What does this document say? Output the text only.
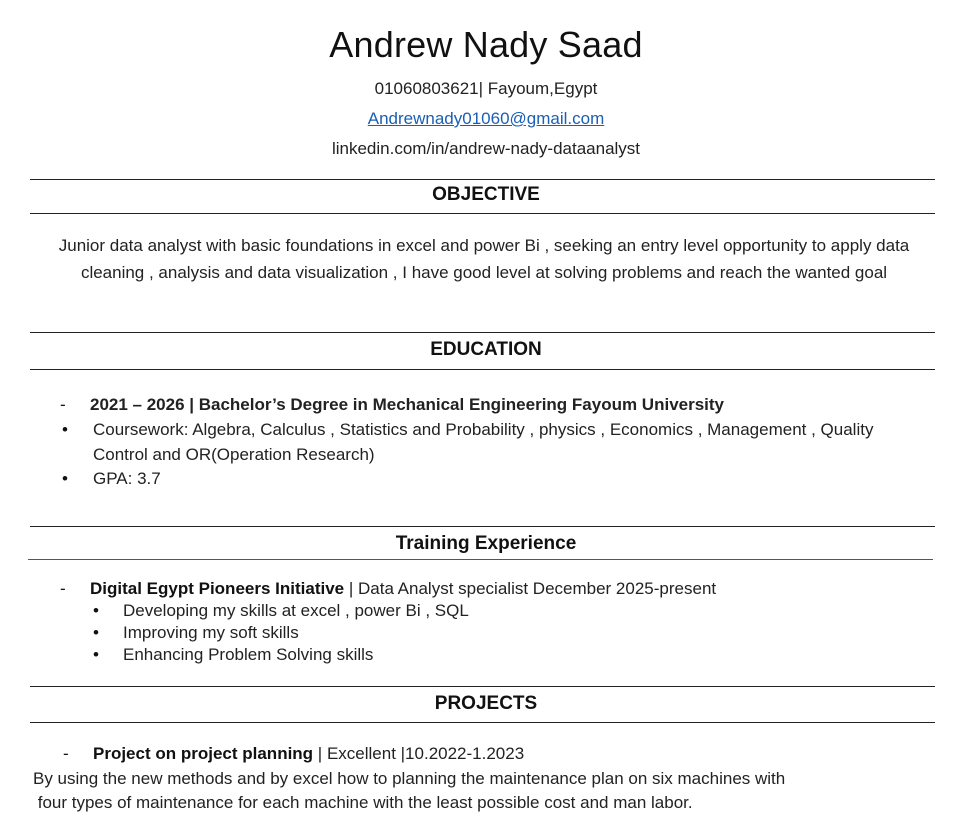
Andrew Nady Saad
01060803621| Fayoum,Egypt
Andrewnady01060@gmail.com
linkedin.com/in/andrew-nady-dataanalyst
OBJECTIVE
Junior data analyst with basic foundations in excel and power Bi , seeking an entry level opportunity to apply data cleaning , analysis and data visualization , I have good level at solving problems and reach the wanted goal
EDUCATION
- 2021 – 2026 | Bachelor’s Degree in Mechanical Engineering Fayoum University
• Coursework: Algebra, Calculus , Statistics and Probability , physics , Economics , Management , Quality
Control and OR(Operation Research)
• GPA: 3.7
Training Experience
- Digital Egypt Pioneers Initiative | Data Analyst specialist December 2025-present
• Developing my skills at excel , power Bi , SQL
• Improving my soft skills
• Enhancing Problem Solving skills
PROJECTS
- Project on project planning | Excellent |10.2022-1.2023
By using the new methods and by excel how to planning the maintenance plan on six machines with
four types of maintenance for each machine with the least possible cost and man labor.
